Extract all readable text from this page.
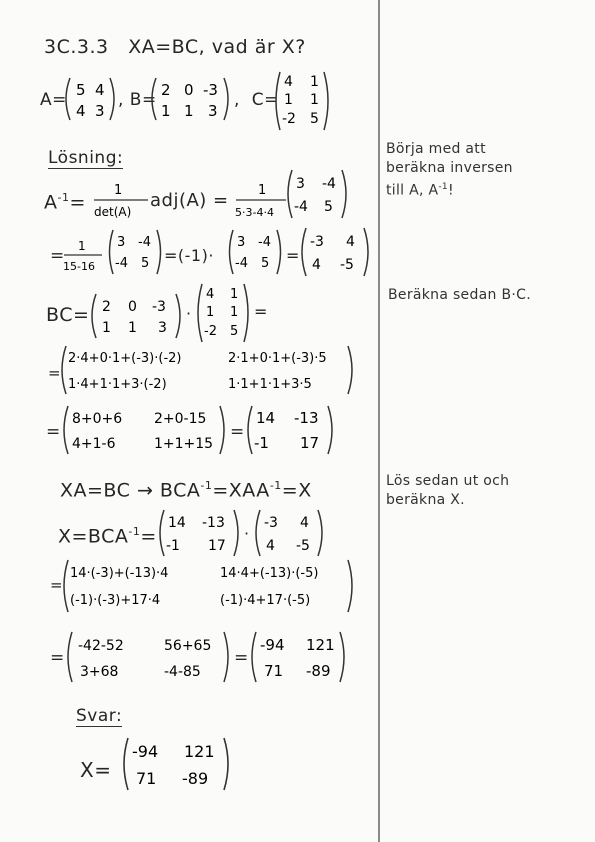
3C.3.3   XA=BC, vad är X?
A= 5 4
4 3
, B= 2 0 -3
1 1 3
,  C=
4 1
1 1
-2 5
Lösning:
$A^{-1}=$
1
det(A)
adj(A) = 1
5·3-4·4
3 -4
-4 5
= 1
15-16
3 -4
-4 5 =(-1)·
3 -4
-4 5 =
-3 4
4 -5
BC= 2 0 -3
1 1 3
·
4 1
1 1
-2 5
=
=
2·4+0·1+(-3)·(-2)	2·1+0·1+(-3)·5
1·4+1·1+3·(-2)	1·1+1·1+3·5
=
8+0+6 2+0-15
4+1-6	1+1+15
=
14 -13
-1 17
$XA=BC \to BCA^{-1}=XAA^{-1}=X$
$X=BCA^{-1}=$
14 -13
-1 17
·
-3 4
4 -5
=
14·(-3)+(-13)·4	14·4+(-13)·(-5)
(-1)·(-3)+17·4	(-1)·4+17·(-5)
=
-42-52	56+65
3+68	-4-85
=
-94 121
71 -89
Svar:
X=
-94 121
71 -89
Börja med att
beräkna inversen
till A, $A^{-1}$!
Beräkna sedan B·C.
Lös sedan ut och
beräkna X.
